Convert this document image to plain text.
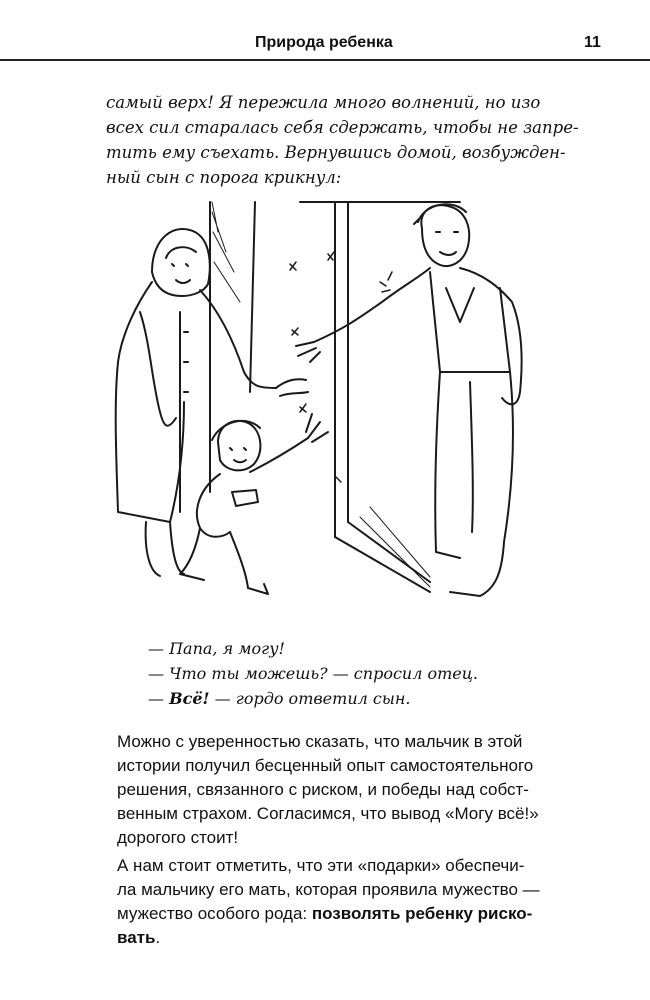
Природа ребенка	11
самый верх! Я пережила много волнений, но изо
всех сил старалась себя сдержать, чтобы не запре-
тить ему съехать. Вернувшись домой, возбужден-
ный сын с порога крикнул:
— Папа, я могу!
— Что ты можешь? — спросил отец.
— Всё! — гордо ответил сын.
Можно с уверенностью сказать, что мальчик в этой
истории получил бесценный опыт самостоятельного
решения, связанного с риском, и победы над собст-
венным страхом. Согласимся, что вывод «Могу всё!»
дорогого стоит!
А нам стоит отметить, что эти «подарки» обеспечи-
ла мальчику его мать, которая проявила мужество —
мужество особого рода: позволять ребенку риско-
вать.
